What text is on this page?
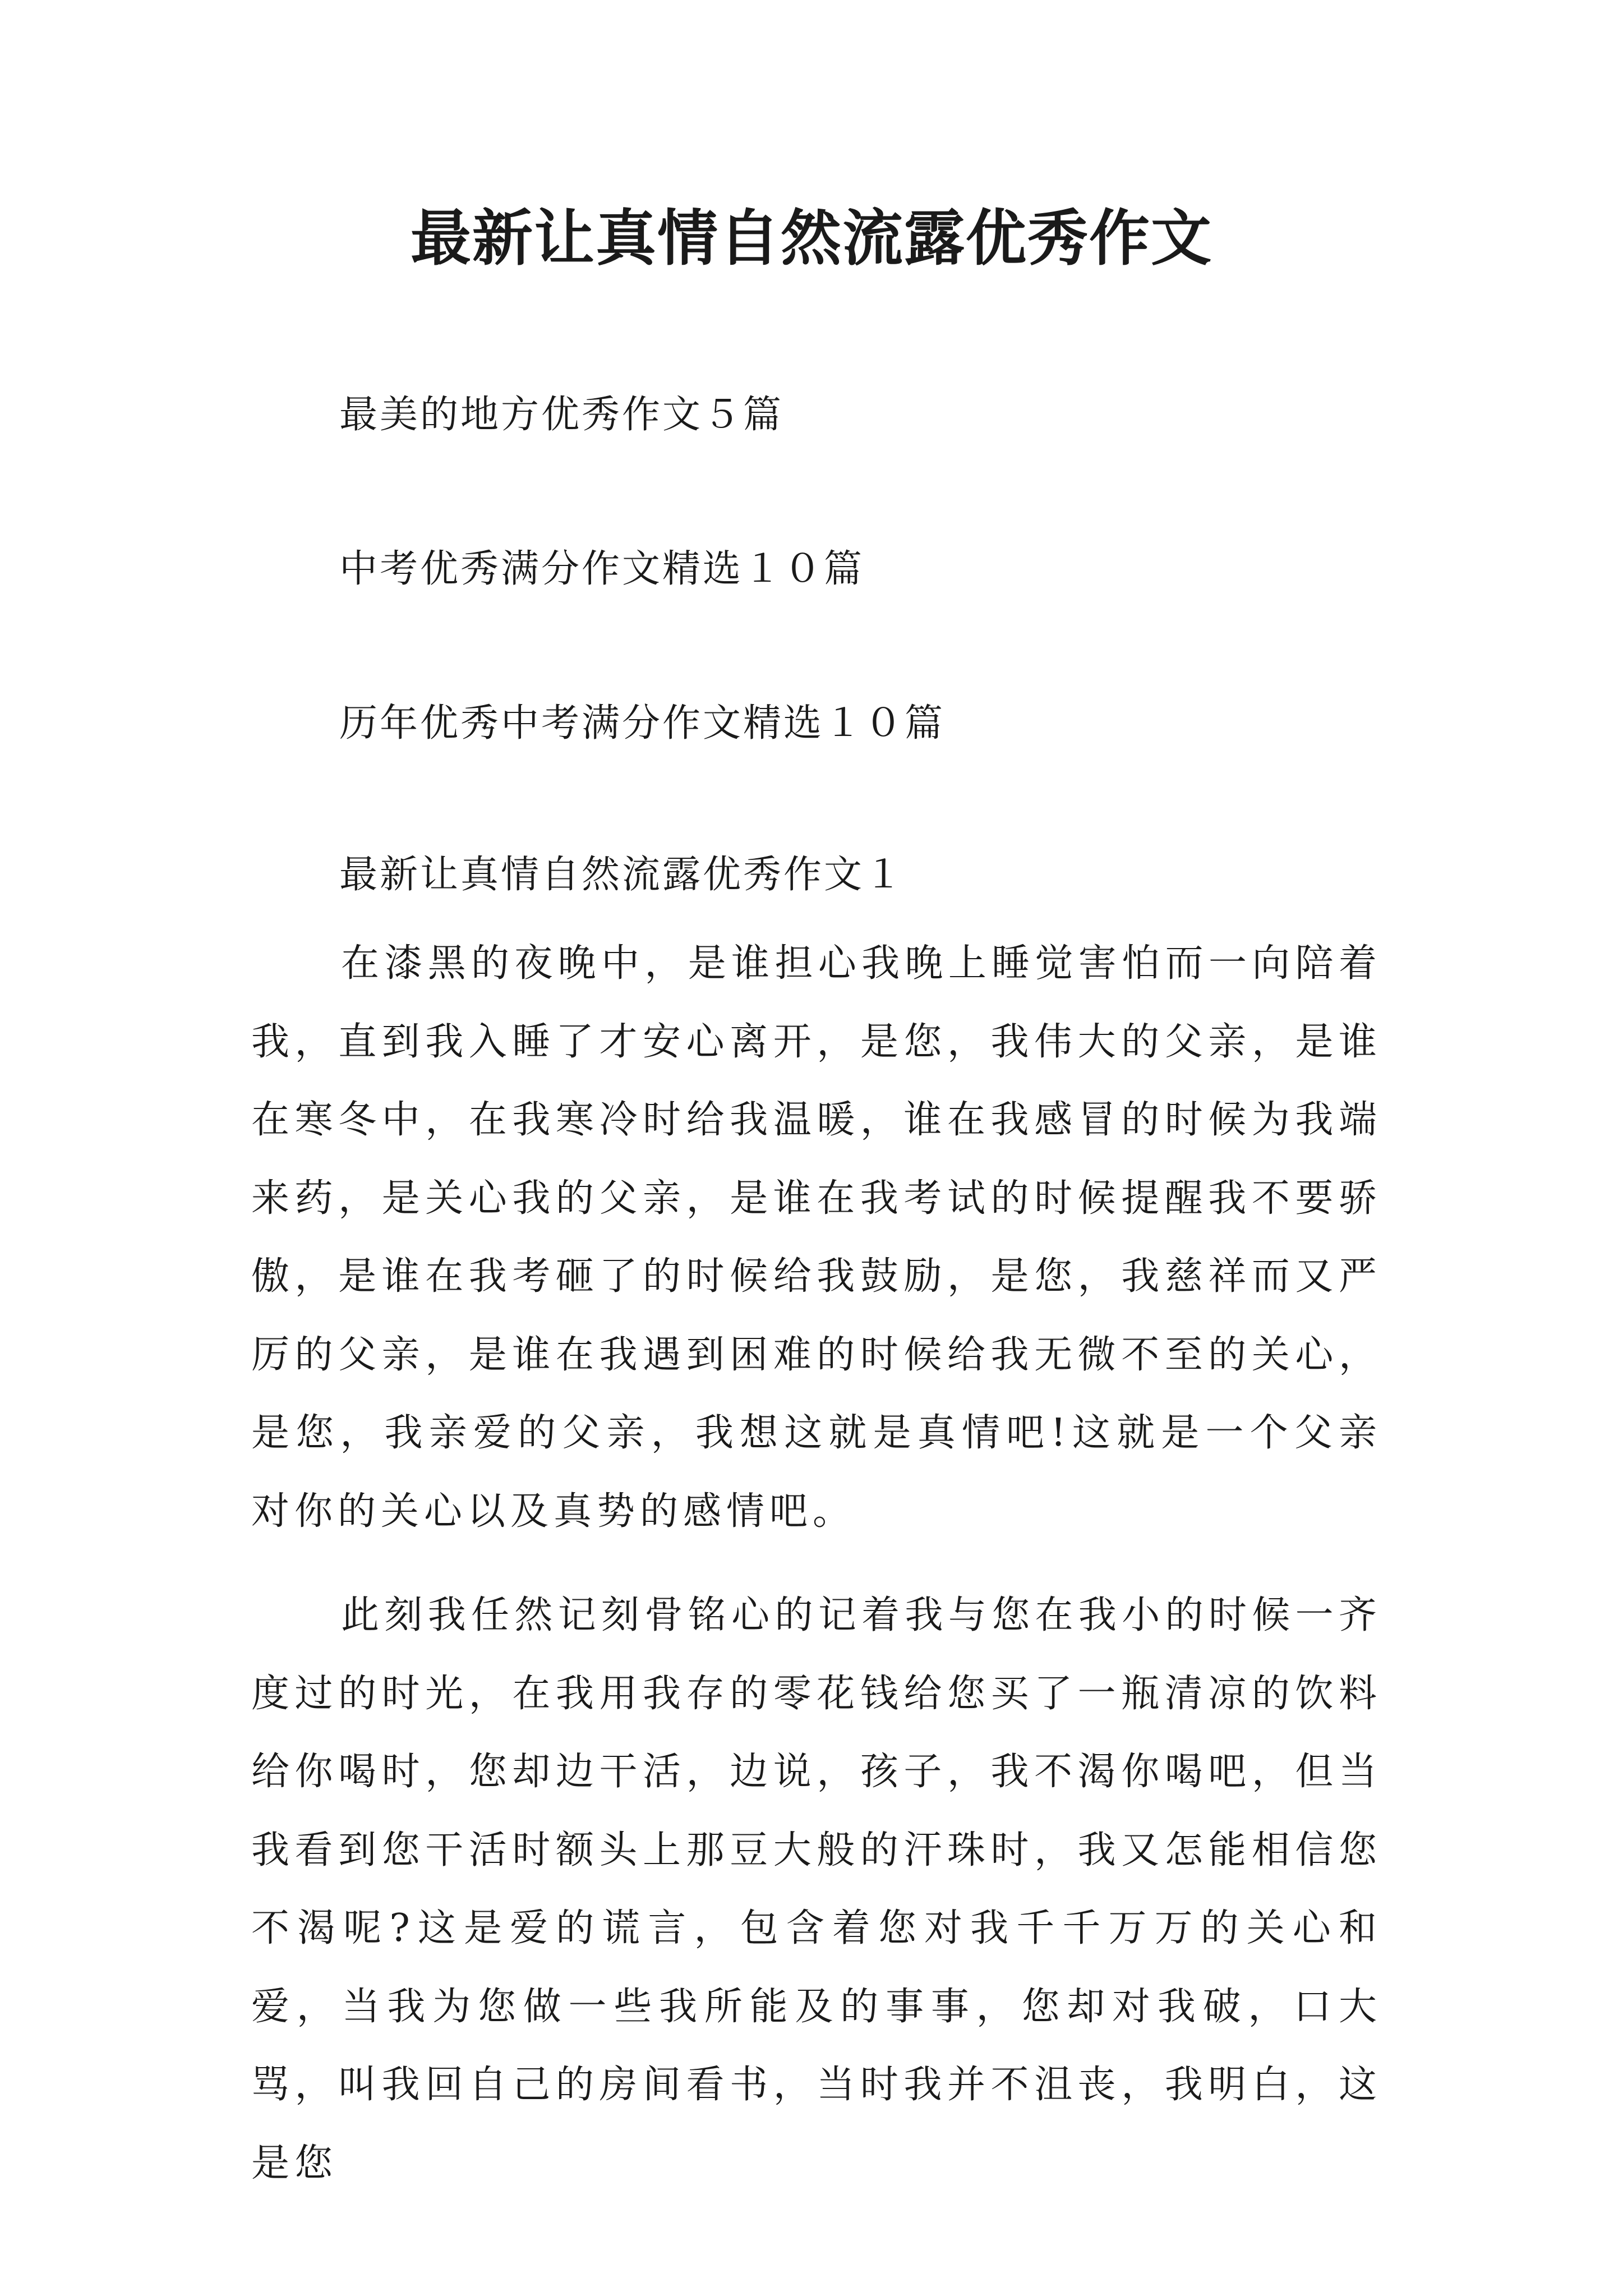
最新让真情自然流露优秀作文
最美的地方优秀作文５篇
中考优秀满分作文精选１０篇
历年优秀中考满分作文精选１０篇
最新让真情自然流露优秀作文１

在漆黑的夜晚中，是谁担心我晚上睡觉害怕而一向陪着我，直到我入睡了才安心离开，是您，我伟大的父亲，是谁在寒冬中，在我寒冷时给我温暖，谁在我感冒的时候为我端来药，是关心我的父亲，是谁在我考试的时候提醒我不要骄傲，是谁在我考砸了的时候给我鼓励，是您，我慈祥而又严厉的父亲，是谁在我遇到困难的时候给我无微不至的关心，是您，我亲爱的父亲，我想这就是真情吧!这就是一个父亲对你的关心以及真势的感情吧。

此刻我任然记刻骨铭心的记着我与您在我小的时候一齐度过的时光，在我用我存的零花钱给您买了一瓶清凉的饮料给你喝时，您却边干活，边说，孩子，我不渴你喝吧，但当我看到您干活时额头上那豆大般的汗珠时，我又怎能相信您不渴呢?这是爱的谎言，包含着您对我千千万万的关心和爱，当我为您做一些我所能及的事事，您却对我破，口大骂，叫我回自己的房间看书，当时我并不沮丧，我明白，这是您
